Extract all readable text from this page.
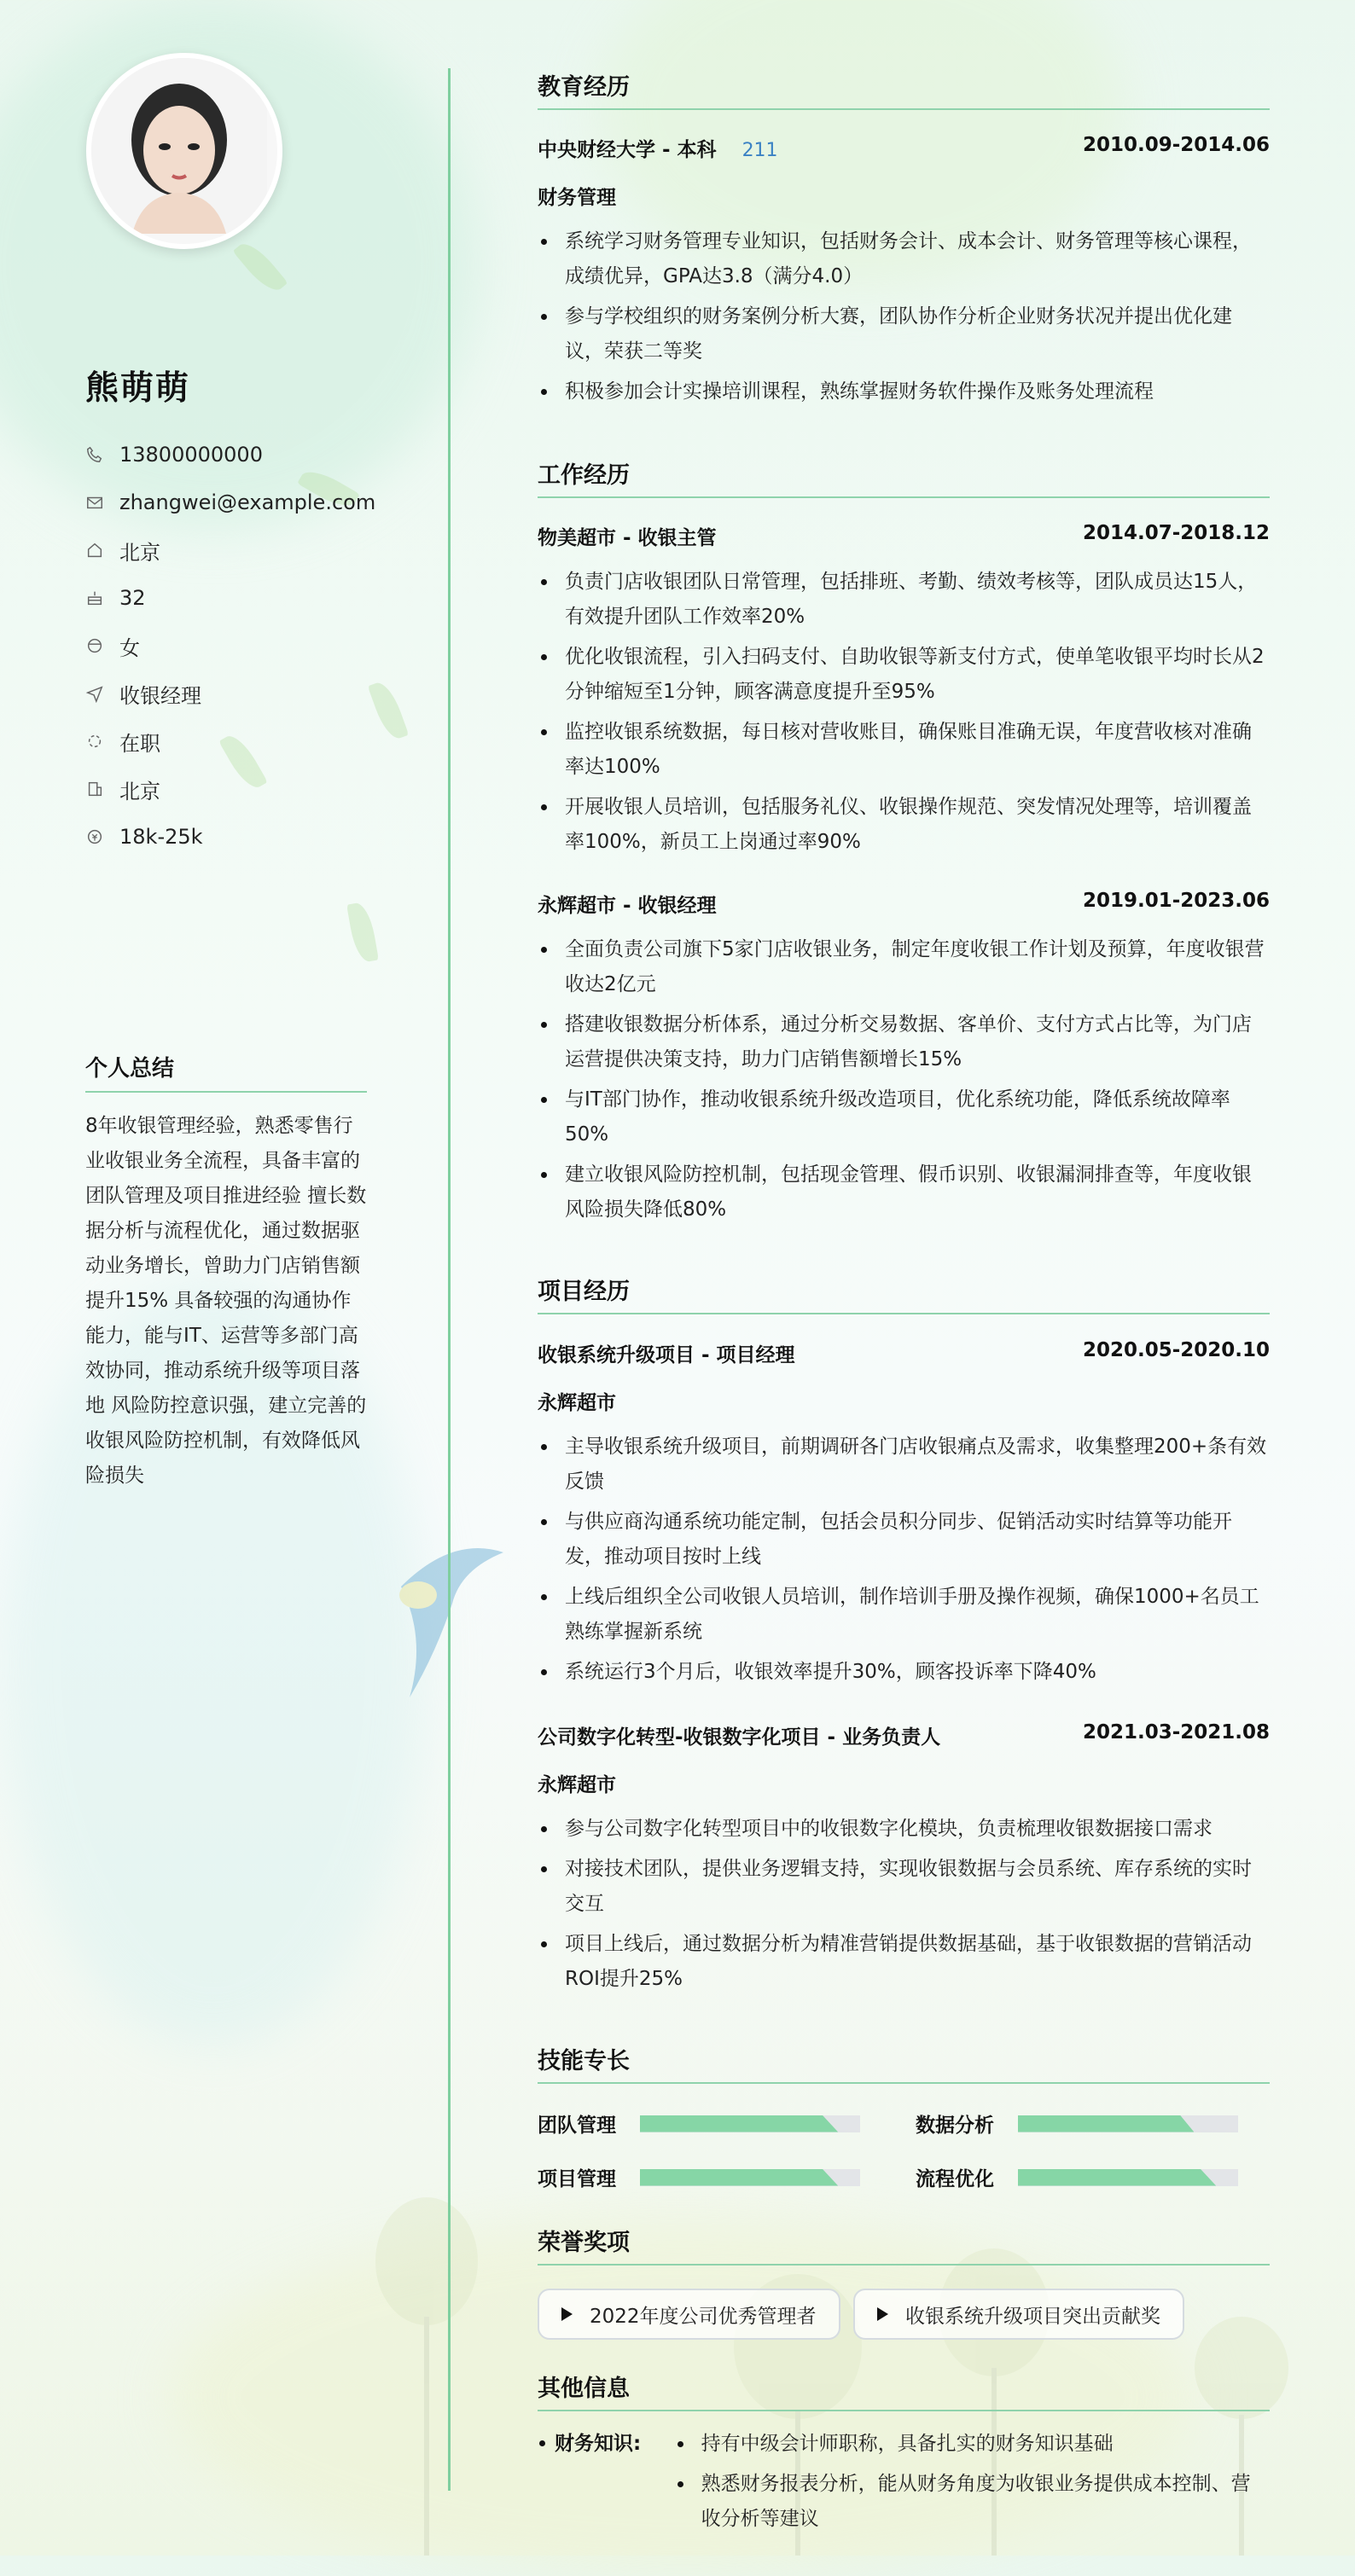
熊萌萌
13800000000
zhangwei@example.com
北京
32
女
收银经理
在职
北京
18k-25k
个人总结
8年收银管理经验，熟悉零售行业收银业务全流程，具备丰富的团队管理及项目推进经验 擅长数据分析与流程优化，通过数据驱动业务增长，曾助力门店销售额提升15% 具备较强的沟通协作能力，能与IT、运营等多部门高效协同，推动系统升级等项目落地 风险防控意识强，建立完善的收银风险防控机制，有效降低风险损失
教育经历
中央财经大学 - 本科 211	2010.09-2014.06
财务管理
系统学习财务管理专业知识，包括财务会计、成本会计、财务管理等核心课程，成绩优异，GPA达3.8（满分4.0）
参与学校组织的财务案例分析大赛，团队协作分析企业财务状况并提出优化建议，荣获二等奖
积极参加会计实操培训课程，熟练掌握财务软件操作及账务处理流程
工作经历
物美超市 - 收银主管	2014.07-2018.12
负责门店收银团队日常管理，包括排班、考勤、绩效考核等，团队成员达15人，有效提升团队工作效率20%
优化收银流程，引入扫码支付、自助收银等新支付方式，使单笔收银平均时长从2分钟缩短至1分钟，顾客满意度提升至95%
监控收银系统数据，每日核对营收账目，确保账目准确无误，年度营收核对准确率达100%
开展收银人员培训，包括服务礼仪、收银操作规范、突发情况处理等，培训覆盖率100%，新员工上岗通过率90%
永辉超市 - 收银经理	2019.01-2023.06
全面负责公司旗下5家门店收银业务，制定年度收银工作计划及预算，年度收银营收达2亿元
搭建收银数据分析体系，通过分析交易数据、客单价、支付方式占比等，为门店运营提供决策支持，助力门店销售额增长15%
与IT部门协作，推动收银系统升级改造项目，优化系统功能，降低系统故障率50%
建立收银风险防控机制，包括现金管理、假币识别、收银漏洞排查等，年度收银风险损失降低80%
项目经历
收银系统升级项目 - 项目经理	2020.05-2020.10
永辉超市
主导收银系统升级项目，前期调研各门店收银痛点及需求，收集整理200+条有效反馈
与供应商沟通系统功能定制，包括会员积分同步、促销活动实时结算等功能开发，推动项目按时上线
上线后组织全公司收银人员培训，制作培训手册及操作视频，确保1000+名员工熟练掌握新系统
系统运行3个月后，收银效率提升30%，顾客投诉率下降40%
公司数字化转型-收银数字化项目 - 业务负责人	2021.03-2021.08
永辉超市
参与公司数字化转型项目中的收银数字化模块，负责梳理收银数据接口需求
对接技术团队，提供业务逻辑支持，实现收银数据与会员系统、库存系统的实时交互
项目上线后，通过数据分析为精准营销提供数据基础，基于收银数据的营销活动ROI提升25%
技能专长
团队管理	数据分析
项目管理	流程优化
荣誉奖项
2022年度公司优秀管理者	收银系统升级项目突出贡献奖
其他信息
财务知识:	持有中级会计师职称，具备扎实的财务知识基础
熟悉财务报表分析，能从财务角度为收银业务提供成本控制、营收分析等建议
